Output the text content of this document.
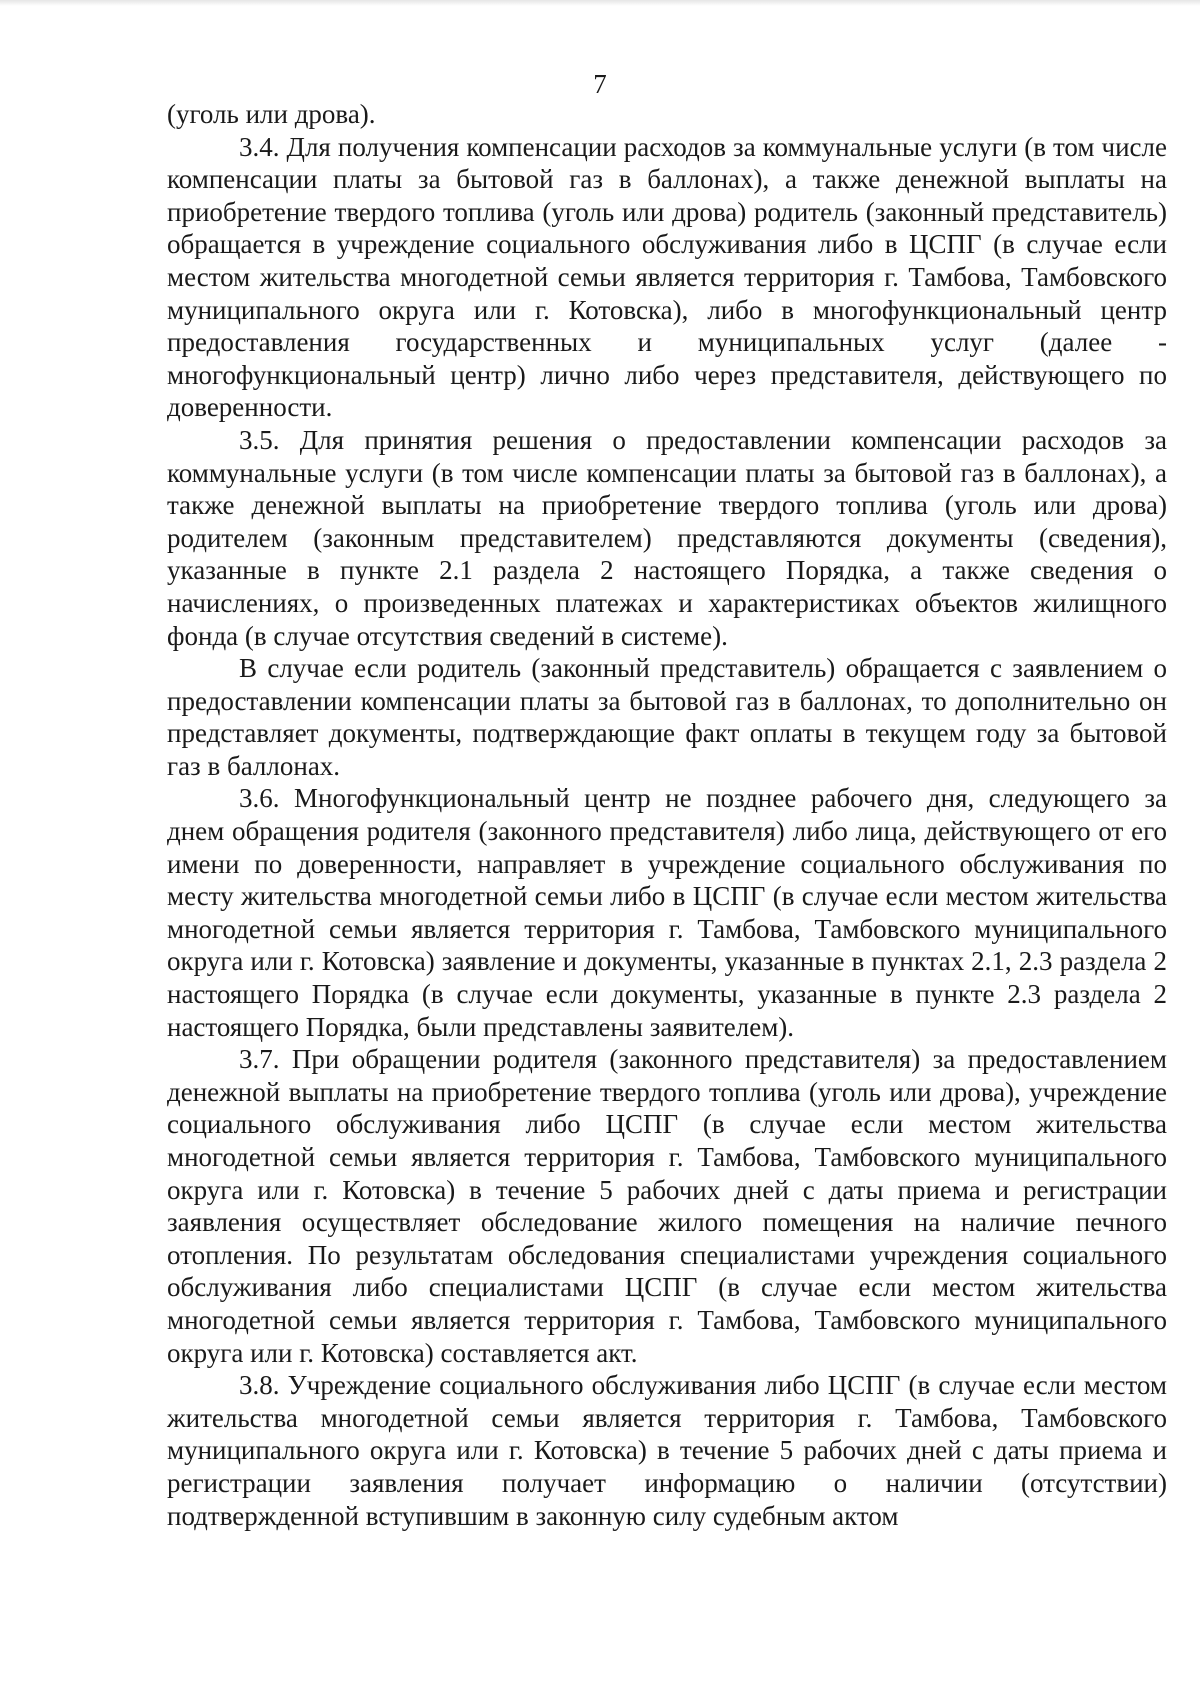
7

(уголь или дрова).

3.4. Для получения компенсации расходов за коммунальные услуги (в том числе компенсации платы за бытовой газ в баллонах), а также денежной выплаты на приобретение твердого топлива (уголь или дрова) родитель (законный представитель) обращается в учреждение социального обслуживания либо в ЦСПГ (в случае если местом жительства многодетной семьи является территория г. Тамбова, Тамбовского муниципального округа или г. Котовска), либо в многофункциональный центр предоставления государственных и муниципальных услуг (далее - многофункциональный центр) лично либо через представителя, действующего по доверенности.

3.5. Для принятия решения о предоставлении компенсации расходов за коммунальные услуги (в том числе компенсации платы за бытовой газ в баллонах), а также денежной выплаты на приобретение твердого топлива (уголь или дрова) родителем (законным представителем) представляются документы (сведения), указанные в пункте 2.1 раздела 2 настоящего Порядка, а также сведения о начислениях, о произведенных платежах и характеристиках объектов жилищного фонда (в случае отсутствия сведений в системе).

В случае если родитель (законный представитель) обращается с заявлением о предоставлении компенсации платы за бытовой газ в баллонах, то дополнительно он представляет документы, подтверждающие факт оплаты в текущем году за бытовой газ в баллонах.

3.6. Многофункциональный центр не позднее рабочего дня, следующего за днем обращения родителя (законного представителя) либо лица, действующего от его имени по доверенности, направляет в учреждение социального обслуживания по месту жительства многодетной семьи либо в ЦСПГ (в случае если местом жительства многодетной семьи является территория г. Тамбова, Тамбовского муниципального округа или г. Котовска) заявление и документы, указанные в пунктах 2.1, 2.3 раздела 2 настоящего Порядка (в случае если документы, указанные в пункте 2.3 раздела 2 настоящего Порядка, были представлены заявителем).

3.7. При обращении родителя (законного представителя) за предоставлением денежной выплаты на приобретение твердого топлива (уголь или дрова), учреждение социального обслуживания либо ЦСПГ (в случае если местом жительства многодетной семьи является территория г. Тамбова, Тамбовского муниципального округа или г. Котовска) в течение 5 рабочих дней с даты приема и регистрации заявления осуществляет обследование жилого помещения на наличие печного отопления. По результатам обследования специалистами учреждения социального обслуживания либо специалистами ЦСПГ (в случае если местом жительства многодетной семьи является территория г. Тамбова, Тамбовского муниципального округа или г. Котовска) составляется акт.

3.8. Учреждение социального обслуживания либо ЦСПГ (в случае если местом жительства многодетной семьи является территория г. Тамбова, Тамбовского муниципального округа или г. Котовска) в течение 5 рабочих дней с даты приема и регистрации заявления получает информацию о наличии (отсутствии) подтвержденной вступившим в законную силу судебным актом
